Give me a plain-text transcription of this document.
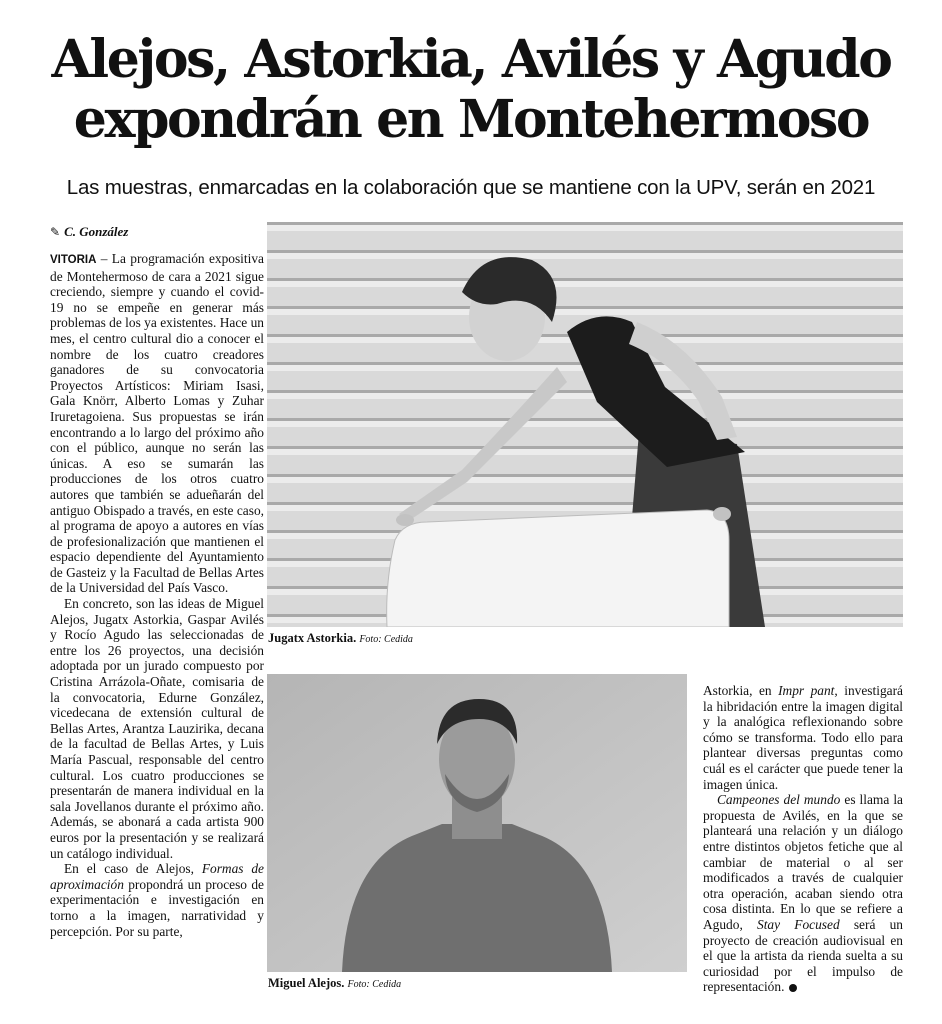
Alejos, Astorkia, Avilés y Agudo
expondrán en Montehermoso

Las muestras, enmarcadas en la colaboración que se mantiene con la UPV, serán en 2021

✎ C. González

VITORIA – La programación expositiva de Montehermoso de cara a 2021 sigue creciendo, siempre y cuando el covid-19 no se empeñe en generar más problemas de los ya existentes. Hace un mes, el centro cultural dio a conocer el nombre de los cuatro creadores ganadores de su convocatoria Proyectos Artísticos: Miriam Isasi, Gala Knörr, Alberto Lomas y Zuhar Iruretagoiena. Sus propuestas se irán encontrando a lo largo del próximo año con el público, aunque no serán las únicas. A eso se sumarán las producciones de los otros cuatro autores que también se adueñarán del antiguo Obispado a través, en este caso, al programa de apoyo a autores en vías de profesionalización que mantienen el espacio dependiente del Ayuntamiento de Gasteiz y la Facultad de Bellas Artes de la Universidad del País Vasco.

En concreto, son las ideas de Miguel Alejos, Jugatx Astorkia, Gaspar Avilés y Rocío Agudo las seleccionadas de entre los 26 proyectos, una decisión adoptada por un jurado compuesto por Cristina Arrázola-Oñate, comisaria de la convocatoria, Edurne González, vicedecana de extensión cultural de Bellas Artes, Arantza Lauzirika, decana de la facultad de Bellas Artes, y Luis María Pascual, responsable del centro cultural. Los cuatro producciones se presentarán de manera individual en la sala Jovellanos durante el próximo año. Además, se abonará a cada artista 900 euros por la presentación y se realizará un catálogo individual.

En el caso de Alejos, Formas de aproximación propondrá un proceso de experimentación e investigación en torno a la imagen, narratividad y percepción. Por su parte,

Jugatx Astorkia. Foto: Cedida
Miguel Alejos. Foto: Cedida

Astorkia, en Impr pant, investigará la hibridación entre la imagen digital y la analógica reflexionando sobre cómo se transforma. Todo ello para plantear diversas preguntas como cuál es el carácter que puede tener la imagen única.

Campeones del mundo es llama la propuesta de Avilés, en la que se planteará una relación y un diálogo entre distintos objetos fetiche que al cambiar de material o al ser modificados a través de cualquier otra operación, acaban siendo otra cosa distinta. En lo que se refiere a Agudo, Stay Focused será un proyecto de creación audiovisual en el que la artista da rienda suelta a su curiosidad por el impulso de representación.
